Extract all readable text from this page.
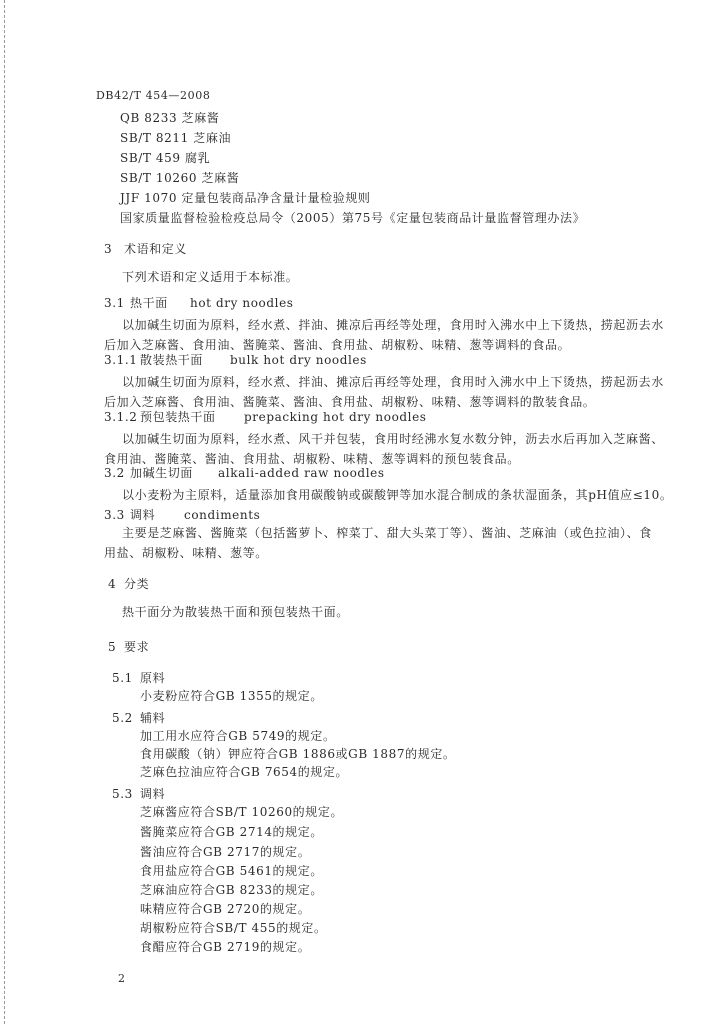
DB42/T 454—2008
QB 8233 芝麻酱
SB/T 8211 芝麻油
SB/T 459 腐乳
SB/T 10260 芝麻酱
JJF 1070 定量包装商品净含量计量检验规则
国家质量监督检验检疫总局令（2005）第75号《定量包装商品计量监督管理办法》
3 术语和定义
下列术语和定义适用于本标准。
3.1 热干面 hot dry noodles
以加碱生切面为原料，经水煮、拌油、摊凉后再经等处理，食用时入沸水中上下烫热，捞起沥去水
后加入芝麻酱、食用油、酱腌菜、酱油、食用盐、胡椒粉、味精、葱等调料的食品。
3.1.1 散装热干面 bulk hot dry noodles
以加碱生切面为原料，经水煮、拌油、摊凉后再经等处理，食用时入沸水中上下烫热，捞起沥去水
后加入芝麻酱、食用油、酱腌菜、酱油、食用盐、胡椒粉、味精、葱等调料的散装食品。
3.1.2 预包装热干面 prepacking hot dry noodles
以加碱生切面为原料，经水煮、风干并包装，食用时经沸水复水数分钟，沥去水后再加入芝麻酱、
食用油、酱腌菜、酱油、食用盐、胡椒粉、味精、葱等调料的预包装食品。
3.2 加碱生切面 alkali-added raw noodles
以小麦粉为主原料，适量添加食用碳酸钠或碳酸钾等加水混合制成的条状湿面条，其pH值应≤10。
3.3 调料 condiments
主要是芝麻酱、酱腌菜（包括酱萝卜、榨菜丁、甜大头菜丁等）、酱油、芝麻油（或色拉油）、食
用盐、胡椒粉、味精、葱等。
4 分类
热干面分为散装热干面和预包装热干面。
5 要求
5.1 原料
小麦粉应符合GB 1355的规定。
5.2 辅料
加工用水应符合GB 5749的规定。
食用碳酸（钠）钾应符合GB 1886或GB 1887的规定。
芝麻色拉油应符合GB 7654的规定。
5.3 调料
芝麻酱应符合SB/T 10260的规定。
酱腌菜应符合GB 2714的规定。
酱油应符合GB 2717的规定。
食用盐应符合GB 5461的规定。
芝麻油应符合GB 8233的规定。
味精应符合GB 2720的规定。
胡椒粉应符合SB/T 455的规定。
食醋应符合GB 2719的规定。
2
